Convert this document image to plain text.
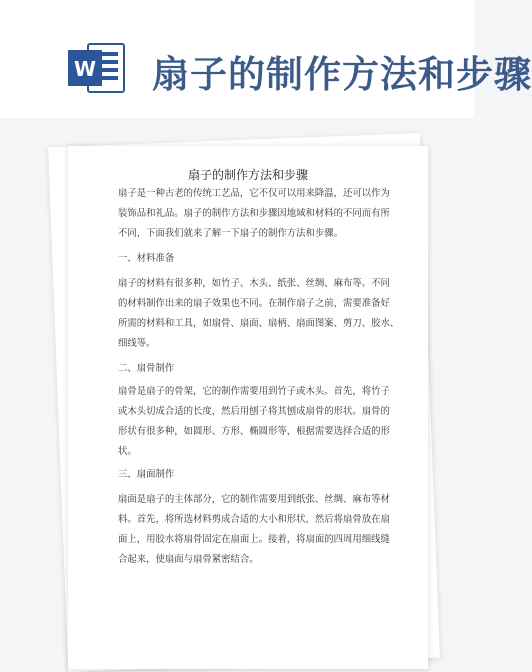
W 扇子的制作方法和步骤
扇子的制作方法和步骤
扇子是一种古老的传统工艺品，它不仅可以用来降温，还可以作为
装饰品和礼品。扇子的制作方法和步骤因地域和材料的不同而有所
不同，下面我们就来了解一下扇子的制作方法和步骤。
一、材料准备
扇子的材料有很多种，如竹子、木头、纸张、丝绸、麻布等。不同
的材料制作出来的扇子效果也不同。在制作扇子之前，需要准备好
所需的材料和工具，如扇骨、扇面、扇柄、扇面图案、剪刀、胶水、
细线等。
二、扇骨制作
扇骨是扇子的骨架，它的制作需要用到竹子或木头。首先，将竹子
或木头切成合适的长度，然后用刨子将其刨成扇骨的形状。扇骨的
形状有很多种，如圆形、方形、椭圆形等，根据需要选择合适的形
状。
三、扇面制作
扇面是扇子的主体部分，它的制作需要用到纸张、丝绸、麻布等材
料。首先，将所选材料剪成合适的大小和形状，然后将扇骨放在扇
面上，用胶水将扇骨固定在扇面上。接着，将扇面的四周用细线缝
合起来，使扇面与扇骨紧密结合。
